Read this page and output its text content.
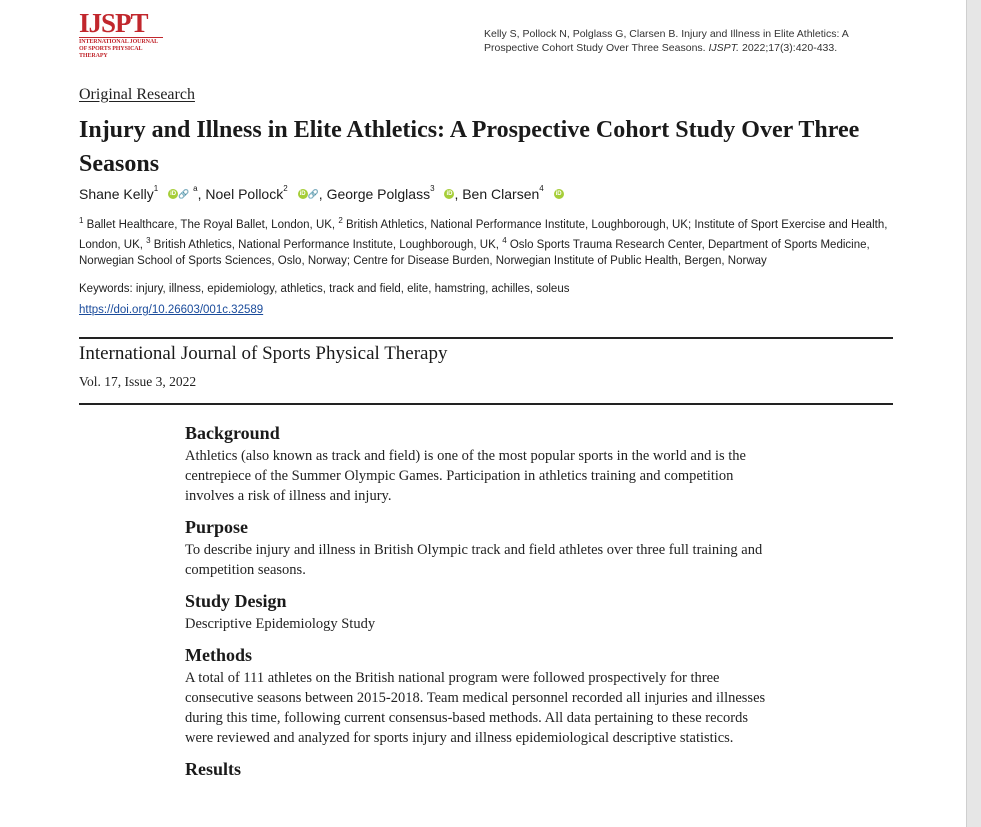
IJSPT
INTERNATIONAL JOURNAL OF SPORTS PHYSICAL THERAPY
Kelly S, Pollock N, Polglass G, Clarsen B. Injury and Illness in Elite Athletics: A Prospective Cohort Study Over Three Seasons. IJSPT. 2022;17(3):420-433.
Original Research
Injury and Illness in Elite Athletics: A Prospective Cohort Study Over Three Seasons
Shane Kelly$^1$ iD 🔗 $^a$, Noel Pollock$^2$ iD 🔗, George Polglass$^3$ iD , Ben Clarsen$^4$ iD
$^1$ Ballet Healthcare, The Royal Ballet, London, UK, $^2$ British Athletics, National Performance Institute, Loughborough, UK; Institute of Sport Exercise and Health, London, UK, $^3$ British Athletics, National Performance Institute, Loughborough, UK, $^4$ Oslo Sports Trauma Research Center, Department of Sports Medicine, Norwegian School of Sports Sciences, Oslo, Norway; Centre for Disease Burden, Norwegian Institute of Public Health, Bergen, Norway
Keywords: injury, illness, epidemiology, athletics, track and field, elite, hamstring, achilles, soleus
https://doi.org/10.26603/001c.32589
International Journal of Sports Physical Therapy
Vol. 17, Issue 3, 2022
Background

Athletics (also known as track and field) is one of the most popular sports in the world and is the centrepiece of the Summer Olympic Games. Participation in athletics training and competition involves a risk of illness and injury.

Purpose

To describe injury and illness in British Olympic track and field athletes over three full training and competition seasons.

Study Design

Descriptive Epidemiology Study

Methods

A total of 111 athletes on the British national program were followed prospectively for three consecutive seasons between 2015-2018. Team medical personnel recorded all injuries and illnesses during this time, following current consensus-based methods. All data pertaining to these records were reviewed and analyzed for sports injury and illness epidemiological descriptive statistics.

Results
